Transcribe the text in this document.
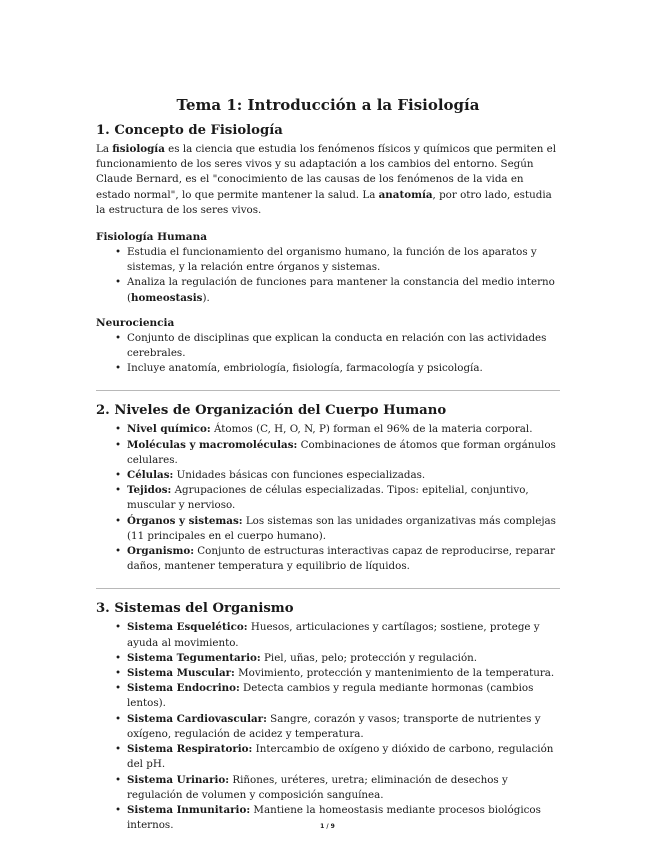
Tema 1: Introducción a la Fisiología
1. Concepto de Fisiología

La fisiología es la ciencia que estudia los fenómenos físicos y químicos que permiten el funcionamiento de los seres vivos y su adaptación a los cambios del entorno. Según Claude Bernard, es el "conocimiento de las causas de los fenómenos de la vida en estado normal", lo que permite mantener la salud. La anatomía, por otro lado, estudia la estructura de los seres vivos.

Fisiología Humana
• Estudia el funcionamiento del organismo humano, la función de los aparatos y sistemas, y la relación entre órganos y sistemas.
• Analiza la regulación de funciones para mantener la constancia del medio interno (homeostasis).
Neurociencia
• Conjunto de disciplinas que explican la conducta en relación con las actividades cerebrales.
• Incluye anatomía, embriología, fisiología, farmacología y psicología.
2. Niveles de Organización del Cuerpo Humano
• Nivel químico: Átomos (C, H, O, N, P) forman el 96% de la materia corporal.
• Moléculas y macromoléculas: Combinaciones de átomos que forman orgánulos celulares.
• Células: Unidades básicas con funciones especializadas.
• Tejidos: Agrupaciones de células especializadas. Tipos: epitelial, conjuntivo, muscular y nervioso.
• Órganos y sistemas: Los sistemas son las unidades organizativas más complejas (11 principales en el cuerpo humano).
• Organismo: Conjunto de estructuras interactivas capaz de reproducirse, reparar daños, mantener temperatura y equilibrio de líquidos.
3. Sistemas del Organismo
• Sistema Esquelético: Huesos, articulaciones y cartílagos; sostiene, protege y ayuda al movimiento.
• Sistema Tegumentario: Piel, uñas, pelo; protección y regulación.
• Sistema Muscular: Movimiento, protección y mantenimiento de la temperatura.
• Sistema Endocrino: Detecta cambios y regula mediante hormonas (cambios lentos).
• Sistema Cardiovascular: Sangre, corazón y vasos; transporte de nutrientes y oxígeno, regulación de acidez y temperatura.
• Sistema Respiratorio: Intercambio de oxígeno y dióxido de carbono, regulación del pH.
• Sistema Urinario: Riñones, uréteres, uretra; eliminación de desechos y regulación de volumen y composición sanguínea.
• Sistema Inmunitario: Mantiene la homeostasis mediante procesos biológicos internos.	1 / 9
